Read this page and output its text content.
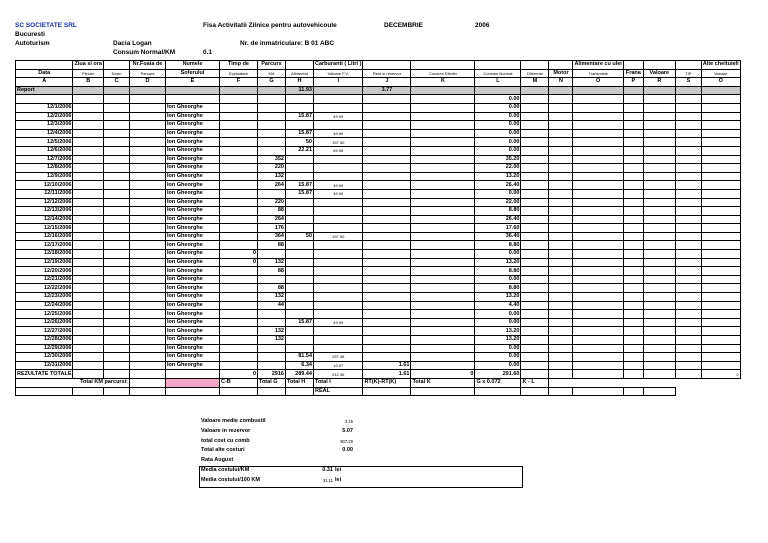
SC SOCIETATE SRL
Bucuresti
Autoturism
Fisa Activitatii Zilnice pentru autovehicoule	DECEMBRIE	2006
Dacia Logan	Nr. de inmatriculare: B 01 ABC
Consum Normal/KM	0.1
	Ziua si ora		Nr.Foaia de	Numele	Timp de	Parcurs		Carburanti ( Litri )						Alimentare cu ulei				Alte cheltuieli
Data	Plecari	Sosiri	Parcurs	Soferului	Exploatare	KM	Alimentat	Valoare F.V.	Rest in rezervor	Consum Efectiv	Consum Normat	Diferente	Motor	Transmisie	Frana	Valoare	TIP	Valoare
A	B	C	D	E	F	G	H	I	J	K	L	M	N	O	P	R	S	O
Report							11.93		3.77									
											0.00							
12/1/2006				Ion Gheorghe							0.00							
12/2/2006				Ion Gheorghe			15.87	49.99			0.00							
12/3/2006				Ion Gheorghe							0.00							
12/4/2006				Ion Gheorghe			15.87	49.99			0.00							
12/5/2006				Ion Gheorghe			50	157.50			0.00							
12/6/2006				Ion Gheorghe			22.21	69.96			0.00							
12/7/2006				Ion Gheorghe		352					35.20							
12/8/2006				Ion Gheorghe		220					22.00							
12/9/2006				Ion Gheorghe		132					13.20							
12/10/2006				Ion Gheorghe		264	15.87	49.99			26.40							
12/11/2006				Ion Gheorghe			15.87	49.99			0.00							
12/12/2006				Ion Gheorghe		220					22.00							
12/13/2006				Ion Gheorghe		88					8.80							
12/14/2006				Ion Gheorghe		264					26.40							
12/15/2006				Ion Gheorghe		176					17.60							
12/16/2006				Ion Gheorghe		364	50	157.50			36.40							
12/17/2006				Ion Gheorghe		88					8.80							
12/18/2006				Ion Gheorghe	0						0.00							
12/19/2006				Ion Gheorghe	0	132					13.20							
12/20/2006				Ion Gheorghe		88					8.80							
12/21/2006				Ion Gheorghe							0.00							
12/22/2006				Ion Gheorghe		88					8.80							
12/23/2006				Ion Gheorghe		132					13.20							
12/24/2006				Ion Gheorghe		44					4.40							
12/25/2006				Ion Gheorghe							0.00							
12/26/2006				Ion Gheorghe			15.87	49.99			0.00							
12/27/2006				Ion Gheorghe		132					13.20							
12/28/2006				Ion Gheorghe		132					13.20							
12/29/2006				Ion Gheorghe							0.00							
12/30/2006				Ion Gheorghe			81.54	257.48			0.00							
12/31/2006				Ion Gheorghe			6.34	19.97	1.61		0.00							
REZULTATE TOTALE					0	2916	289.44	912.36	1.61	0	291.60							0
Total KM parcursi:					C-B	Total G	Total H	Total I	RT(K)-RT(K)	Total K	G x 0.072	K - L						
								REAL										
Valoare medie combustil	3.15
Valoare in rezervor	5.07
total cost cu comb	907.29
Total alte costuri	0.00
Rata August
Media costului/KM	0.31 lei
Media costului/100 KM	31.11 lei
